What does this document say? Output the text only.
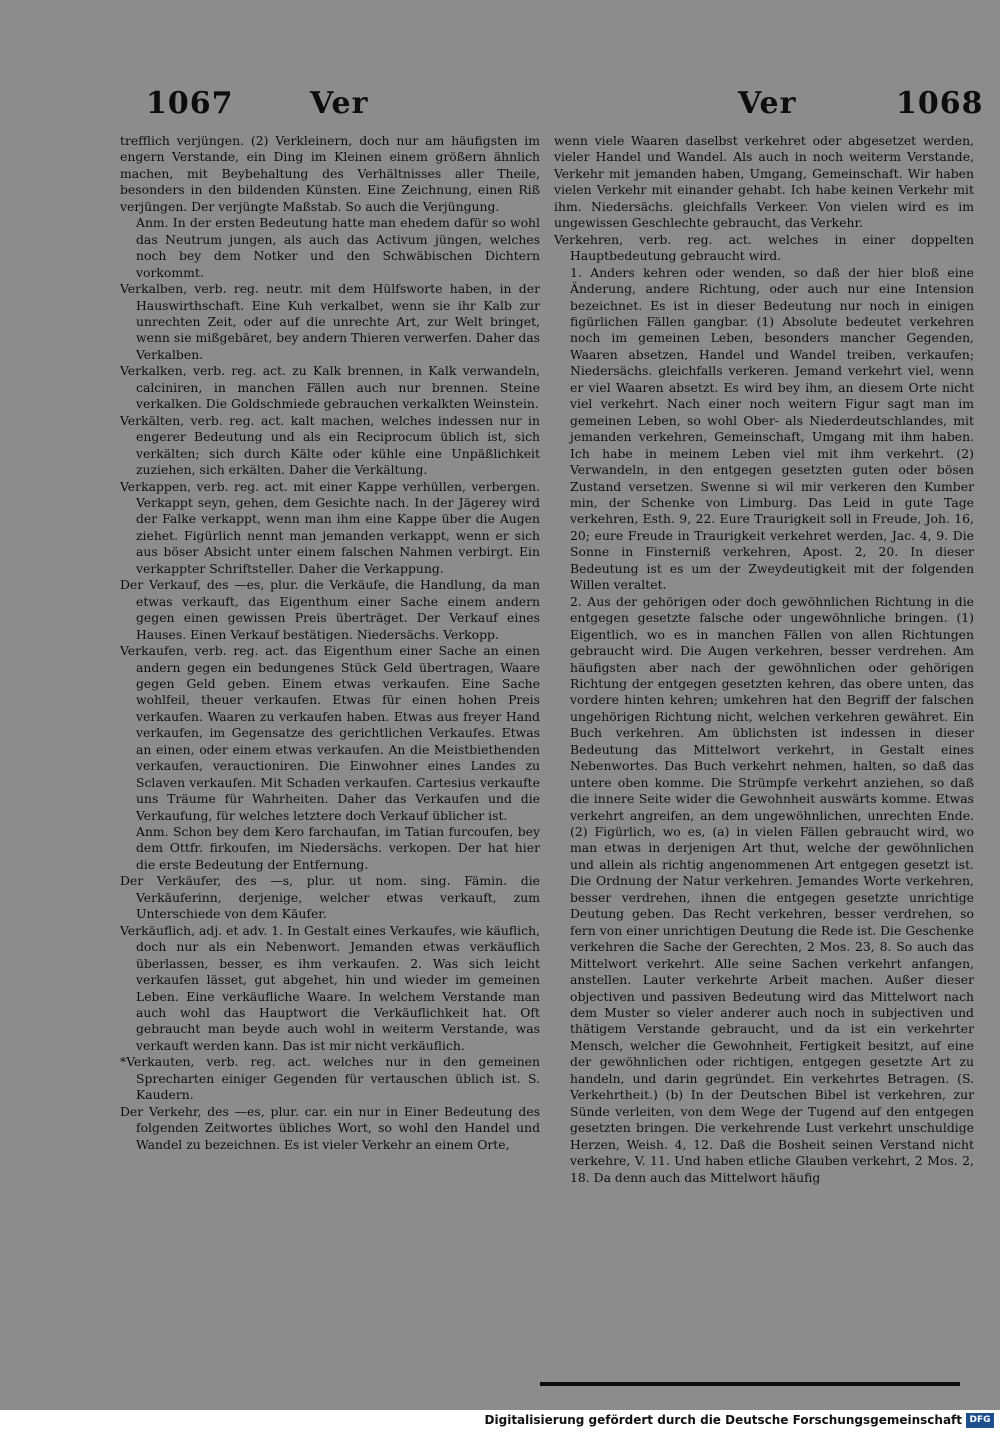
1067	Ver	Ver	1068

trefflich verjüngen. (2) Verkleinern, doch nur am häufigsten im engern Verstande, ein Ding im Kleinen einem größern ähnlich machen, mit Beybehaltung des Verhältnisses aller Theile, besonders in den bildenden Künsten. Eine Zeichnung, einen Riß verjüngen. Der verjüngte Maßstab. So auch die Verjüngung.

Anm. In der ersten Bedeutung hatte man ehedem dafür so wohl das Neutrum jungen, als auch das Activum jüngen, welches noch bey dem Notker und den Schwäbischen Dichtern vorkommt.

Verkalben, verb. reg. neutr. mit dem Hülfsworte haben, in der Hauswirthschaft. Eine Kuh verkalbet, wenn sie ihr Kalb zur unrechten Zeit, oder auf die unrechte Art, zur Welt bringet, wenn sie mißgebäret, bey andern Thieren verwerfen. Daher das Verkalben.

Verkalken, verb. reg. act. zu Kalk brennen, in Kalk verwandeln, calciniren, in manchen Fällen auch nur brennen. Steine verkalken. Die Goldschmiede gebrauchen verkalkten Weinstein.

Verkälten, verb. reg. act. kalt machen, welches indessen nur in engerer Bedeutung und als ein Reciprocum üblich ist, sich verkälten; sich durch Kälte oder kühle eine Unpäßlichkeit zuziehen, sich erkälten. Daher die Verkältung.

Verkappen, verb. reg. act. mit einer Kappe verhüllen, verbergen. Verkappt seyn, gehen, dem Gesichte nach. In der Jägerey wird der Falke verkappt, wenn man ihm eine Kappe über die Augen ziehet. Figürlich nennt man jemanden verkappt, wenn er sich aus böser Absicht unter einem falschen Nahmen verbirgt. Ein verkappter Schriftsteller. Daher die Verkappung.

Der Verkauf, des —es, plur. die Verkäufe, die Handlung, da man etwas verkauft, das Eigenthum einer Sache einem andern gegen einen gewissen Preis überträget. Der Verkauf eines Hauses. Einen Verkauf bestätigen. Niedersächs. Verkopp.

Verkaufen, verb. reg. act. das Eigenthum einer Sache an einen andern gegen ein bedungenes Stück Geld übertragen, Waare gegen Geld geben. Einem etwas verkaufen. Eine Sache wohlfeil, theuer verkaufen. Etwas für einen hohen Preis verkaufen. Waaren zu verkaufen haben. Etwas aus freyer Hand verkaufen, im Gegensatze des gerichtlichen Verkaufes. Etwas an einen, oder einem etwas verkaufen. An die Meistbiethenden verkaufen, verauctioniren. Die Einwohner eines Landes zu Sclaven verkaufen. Mit Schaden verkaufen. Cartesius verkaufte uns Träume für Wahrheiten. Daher das Verkaufen und die Verkaufung, für welches letztere doch Verkauf üblicher ist.

Anm. Schon bey dem Kero farchaufan, im Tatian furcoufen, bey dem Ottfr. firkoufen, im Niedersächs. verkopen. Der hat hier die erste Bedeutung der Entfernung.

Der Verkäufer, des —s, plur. ut nom. sing. Fämin. die Verkäuferinn, derjenige, welcher etwas verkauft, zum Unterschiede von dem Käufer.

Verkäuflich, adj. et adv. 1. In Gestalt eines Verkaufes, wie käuflich, doch nur als ein Nebenwort. Jemanden etwas verkäuflich überlassen, besser, es ihm verkaufen. 2. Was sich leicht verkaufen lässet, gut abgehet, hin und wieder im gemeinen Leben. Eine verkäufliche Waare. In welchem Verstande man auch wohl das Hauptwort die Verkäuflichkeit hat. Oft gebraucht man beyde auch wohl in weiterm Verstande, was verkauft werden kann. Das ist mir nicht verkäuflich.

*Verkauten, verb. reg. act. welches nur in den gemeinen Sprecharten einiger Gegenden für vertauschen üblich ist. S. Kaudern.

Der Verkehr, des —es, plur. car. ein nur in Einer Bedeutung des folgenden Zeitwortes übliches Wort, so wohl den Handel und Wandel zu bezeichnen. Es ist vieler Verkehr an einem Orte,

wenn viele Waaren daselbst verkehret oder abgesetzet werden, vieler Handel und Wandel. Als auch in noch weiterm Verstande, Verkehr mit jemanden haben, Umgang, Gemeinschaft. Wir haben vielen Verkehr mit einander gehabt. Ich habe keinen Verkehr mit ihm. Niedersächs. gleichfalls Verkeer. Von vielen wird es im ungewissen Geschlechte gebraucht, das Verkehr.

Verkehren, verb. reg. act. welches in einer doppelten Hauptbedeutung gebraucht wird.

1. Anders kehren oder wenden, so daß der hier bloß eine Änderung, andere Richtung, oder auch nur eine Intension bezeichnet. Es ist in dieser Bedeutung nur noch in einigen figürlichen Fällen gangbar. (1) Absolute bedeutet verkehren noch im gemeinen Leben, besonders mancher Gegenden, Waaren absetzen, Handel und Wandel treiben, verkaufen; Niedersächs. gleichfalls verkeren. Jemand verkehrt viel, wenn er viel Waaren absetzt. Es wird bey ihm, an diesem Orte nicht viel verkehrt. Nach einer noch weitern Figur sagt man im gemeinen Leben, so wohl Ober- als Niederdeutschlandes, mit jemanden verkehren, Gemeinschaft, Umgang mit ihm haben. Ich habe in meinem Leben viel mit ihm verkehrt. (2) Verwandeln, in den entgegen gesetzten guten oder bösen Zustand versetzen. Swenne si wil mir verkeren den Kumber min, der Schenke von Limburg. Das Leid in gute Tage verkehren, Esth. 9, 22. Eure Traurigkeit soll in Freude, Joh. 16, 20; eure Freude in Traurigkeit verkehret werden, Jac. 4, 9. Die Sonne in Finsterniß verkehren, Apost. 2, 20. In dieser Bedeutung ist es um der Zweydeutigkeit mit der folgenden Willen veraltet.

2. Aus der gehörigen oder doch gewöhnlichen Richtung in die entgegen gesetzte falsche oder ungewöhnliche bringen. (1) Eigentlich, wo es in manchen Fällen von allen Richtungen gebraucht wird. Die Augen verkehren, besser verdrehen. Am häufigsten aber nach der gewöhnlichen oder gehörigen Richtung der entgegen gesetzten kehren, das obere unten, das vordere hinten kehren; umkehren hat den Begriff der falschen ungehörigen Richtung nicht, welchen verkehren gewähret. Ein Buch verkehren. Am üblichsten ist indessen in dieser Bedeutung das Mittelwort verkehrt, in Gestalt eines Nebenwortes. Das Buch verkehrt nehmen, halten, so daß das untere oben komme. Die Strümpfe verkehrt anziehen, so daß die innere Seite wider die Gewohnheit auswärts komme. Etwas verkehrt angreifen, an dem ungewöhnlichen, unrechten Ende. (2) Figürlich, wo es, (a) in vielen Fällen gebraucht wird, wo man etwas in derjenigen Art thut, welche der gewöhnlichen und allein als richtig angenommenen Art entgegen gesetzt ist. Die Ordnung der Natur verkehren. Jemandes Worte verkehren, besser verdrehen, ihnen die entgegen gesetzte unrichtige Deutung geben. Das Recht verkehren, besser verdrehen, so fern von einer unrichtigen Deutung die Rede ist. Die Geschenke verkehren die Sache der Gerechten, 2 Mos. 23, 8. So auch das Mittelwort verkehrt. Alle seine Sachen verkehrt anfangen, anstellen. Lauter verkehrte Arbeit machen. Außer dieser objectiven und passiven Bedeutung wird das Mittelwort nach dem Muster so vieler anderer auch noch in subjectiven und thätigem Verstande gebraucht, und da ist ein verkehrter Mensch, welcher die Gewohnheit, Fertigkeit besitzt, auf eine der gewöhnlichen oder richtigen, entgegen gesetzte Art zu handeln, und darin gegründet. Ein verkehrtes Betragen. (S. Verkehrtheit.) (b) In der Deutschen Bibel ist verkehren, zur Sünde verleiten, von dem Wege der Tugend auf den entgegen gesetzten bringen. Die verkehrende Lust verkehrt unschuldige Herzen, Weish. 4, 12. Daß die Bosheit seinen Verstand nicht verkehre, V. 11. Und haben etliche Glauben verkehrt, 2 Mos. 2, 18. Da denn auch das Mittelwort häufig

Digitalisierung gefördert durch die Deutsche Forschungsgemeinschaft DFG
